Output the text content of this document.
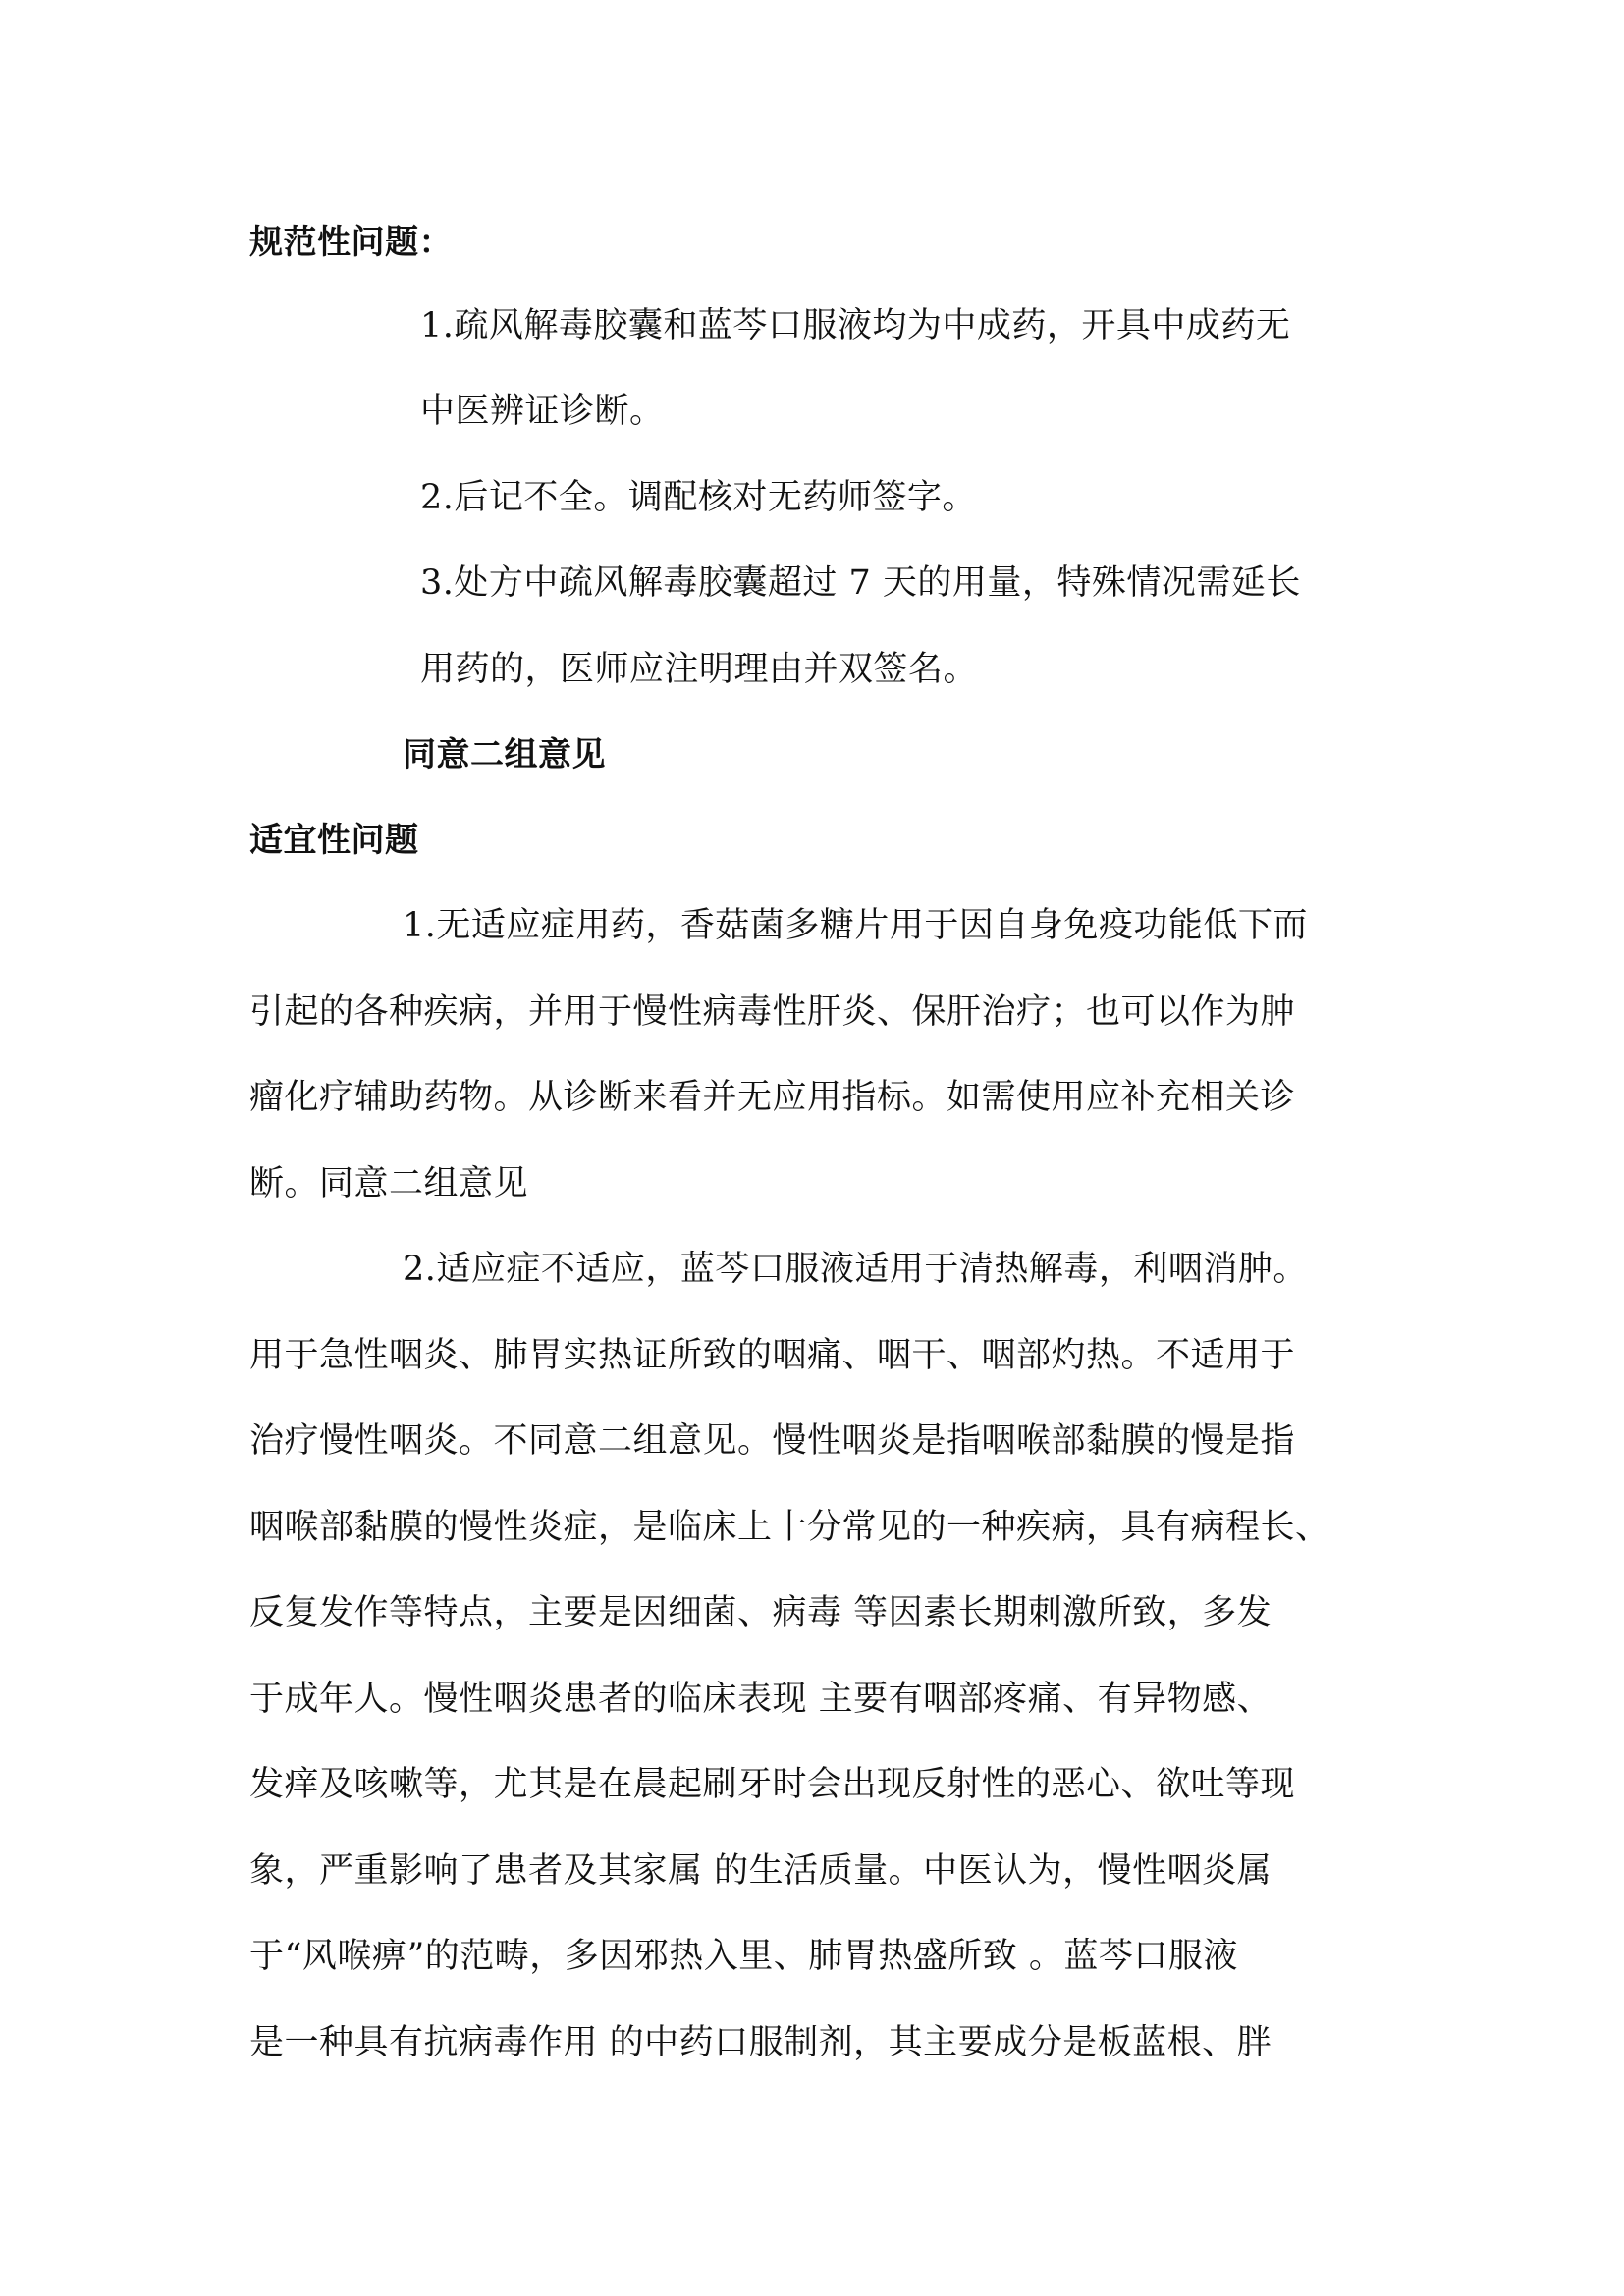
规范性问题：
1.疏风解毒胶囊和蓝芩口服液均为中成药，开具中成药无
中医辨证诊断。
2.后记不全。调配核对无药师签字。
3.处方中疏风解毒胶囊超过 7 天的用量，特殊情况需延长
用药的，医师应注明理由并双签名。
同意二组意见
适宜性问题
1.无适应症用药，香菇菌多糖片用于因自身免疫功能低下而
引起的各种疾病，并用于慢性病毒性肝炎、保肝治疗；也可以作为肿
瘤化疗辅助药物。从诊断来看并无应用指标。如需使用应补充相关诊
断。同意二组意见
2.适应症不适应，蓝芩口服液适用于清热解毒，利咽消肿。
用于急性咽炎、肺胃实热证所致的咽痛、咽干、咽部灼热。不适用于
治疗慢性咽炎。不同意二组意见。慢性咽炎是指咽喉部黏膜的慢是指
咽喉部黏膜的慢性炎症，是临床上十分常见的一种疾病，具有病程长、
反复发作等特点，主要是因细菌、病毒 等因素长期刺激所致，多发
于成年人。慢性咽炎患者的临床表现 主要有咽部疼痛、有异物感、
发痒及咳嗽等，尤其是在晨起刷牙时会出现反射性的恶心、欲吐等现
象，严重影响了患者及其家属 的生活质量。中医认为，慢性咽炎属
于“风喉痹”的范畴，多因邪热入里、肺胃热盛所致 。蓝芩口服液
是一种具有抗病毒作用 的中药口服制剂，其主要成分是板蓝根、胖
